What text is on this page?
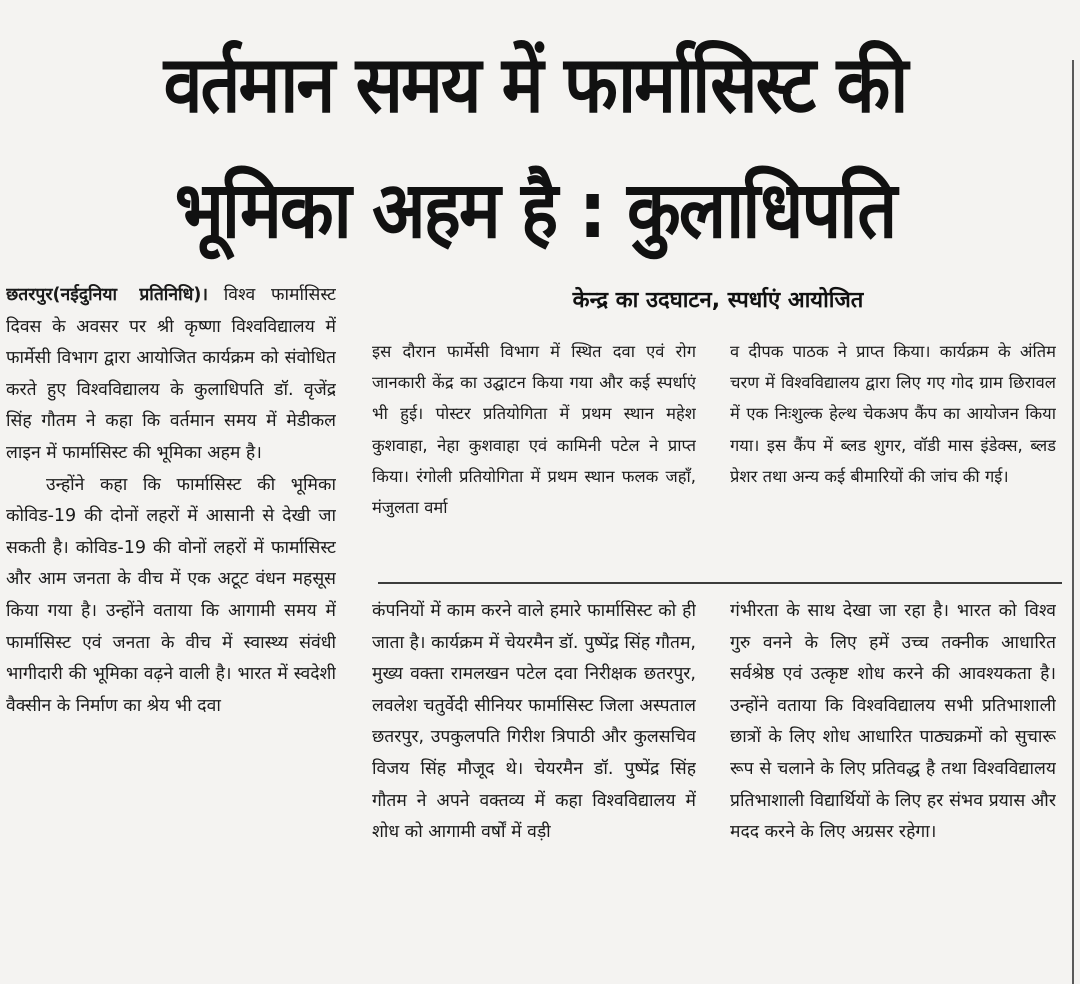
वर्तमान समय में फार्मासिस्ट की
भूमिका अहम है : कुलाधिपति

छतरपुर(नईदुनिया प्रतिनिधि)। विश्व फार्मासिस्ट दिवस के अवसर पर श्री कृष्णा विश्वविद्यालय में फार्मेसी विभाग द्वारा आयोजित कार्यक्रम को संवोधित करते हुए विश्वविद्यालय के कुलाधिपति डॉ. वृजेंद्र सिंह गौतम ने कहा कि वर्तमान समय में मेडीकल लाइन में फार्मासिस्ट की भूमिका अहम है।

उन्होंने कहा कि फार्मासिस्ट की भूमिका कोविड-19 की दोनों लहरों में आसानी से देखी जा सकती है। कोविड-19 की वोनों लहरों में फार्मासिस्ट और आम जनता के वीच में एक अटूट वंधन महसूस किया गया है। उन्होंने वताया कि आगामी समय में फार्मासिस्ट एवं जनता के वीच में स्वास्थ्य संवंधी भागीदारी की भूमिका वढ़ने वाली है। भारत में स्वदेशी वैक्सीन के निर्माण का श्रेय भी दवा

केन्द्र का उदघाटन, स्पर्धाएं आयोजित

इस दौरान फार्मेसी विभाग में स्थित दवा एवं रोग जानकारी केंद्र का उद्घाटन किया गया और कई स्पर्धाएं भी हुई। पोस्टर प्रतियोगिता में प्रथम स्थान महेश कुशवाहा, नेहा कुशवाहा एवं कामिनी पटेल ने प्राप्त किया। रंगोली प्रतियोगिता में प्रथम स्थान फलक जहाँ, मंजुलता वर्मा

व दीपक पाठक ने प्राप्त किया। कार्यक्रम के अंतिम चरण में विश्वविद्यालय द्वारा लिए गए गोद ग्राम छिरावल में एक निःशुल्क हेल्थ चेकअप कैंप का आयोजन किया गया। इस कैंप में ब्लड शुगर, वॉडी मास इंडेक्स, ब्लड प्रेशर तथा अन्य कई बीमारियों की जांच की गई।

कंपनियों में काम करने वाले हमारे फार्मासिस्ट को ही जाता है। कार्यक्रम में चेयरमैन डॉ. पुष्पेंद्र सिंह गौतम, मुख्य वक्ता रामलखन पटेल दवा निरीक्षक छतरपुर, लवलेश चतुर्वेदी सीनियर फार्मासिस्ट जिला अस्पताल छतरपुर, उपकुलपति गिरीश त्रिपाठी और कुलसचिव विजय सिंह मौजूद थे। चेयरमैन डॉ. पुष्पेंद्र सिंह गौतम ने अपने वक्तव्य में कहा विश्वविद्यालय में शोध को आगामी वर्षों में वड़ी

गंभीरता के साथ देखा जा रहा है। भारत को विश्व गुरु वनने के लिए हमें उच्च तक्नीक आधारित सर्वश्रेष्ठ एवं उत्कृष्ट शोध करने की आवश्यकता है। उन्होंने वताया कि विश्वविद्यालय सभी प्रतिभाशाली छात्रों के लिए शोध आधारित पाठ्यक्रमों को सुचारू रूप से चलाने के लिए प्रतिवद्ध है तथा विश्वविद्यालय प्रतिभाशाली विद्यार्थियों के लिए हर संभव प्रयास और मदद करने के लिए अग्रसर रहेगा।
